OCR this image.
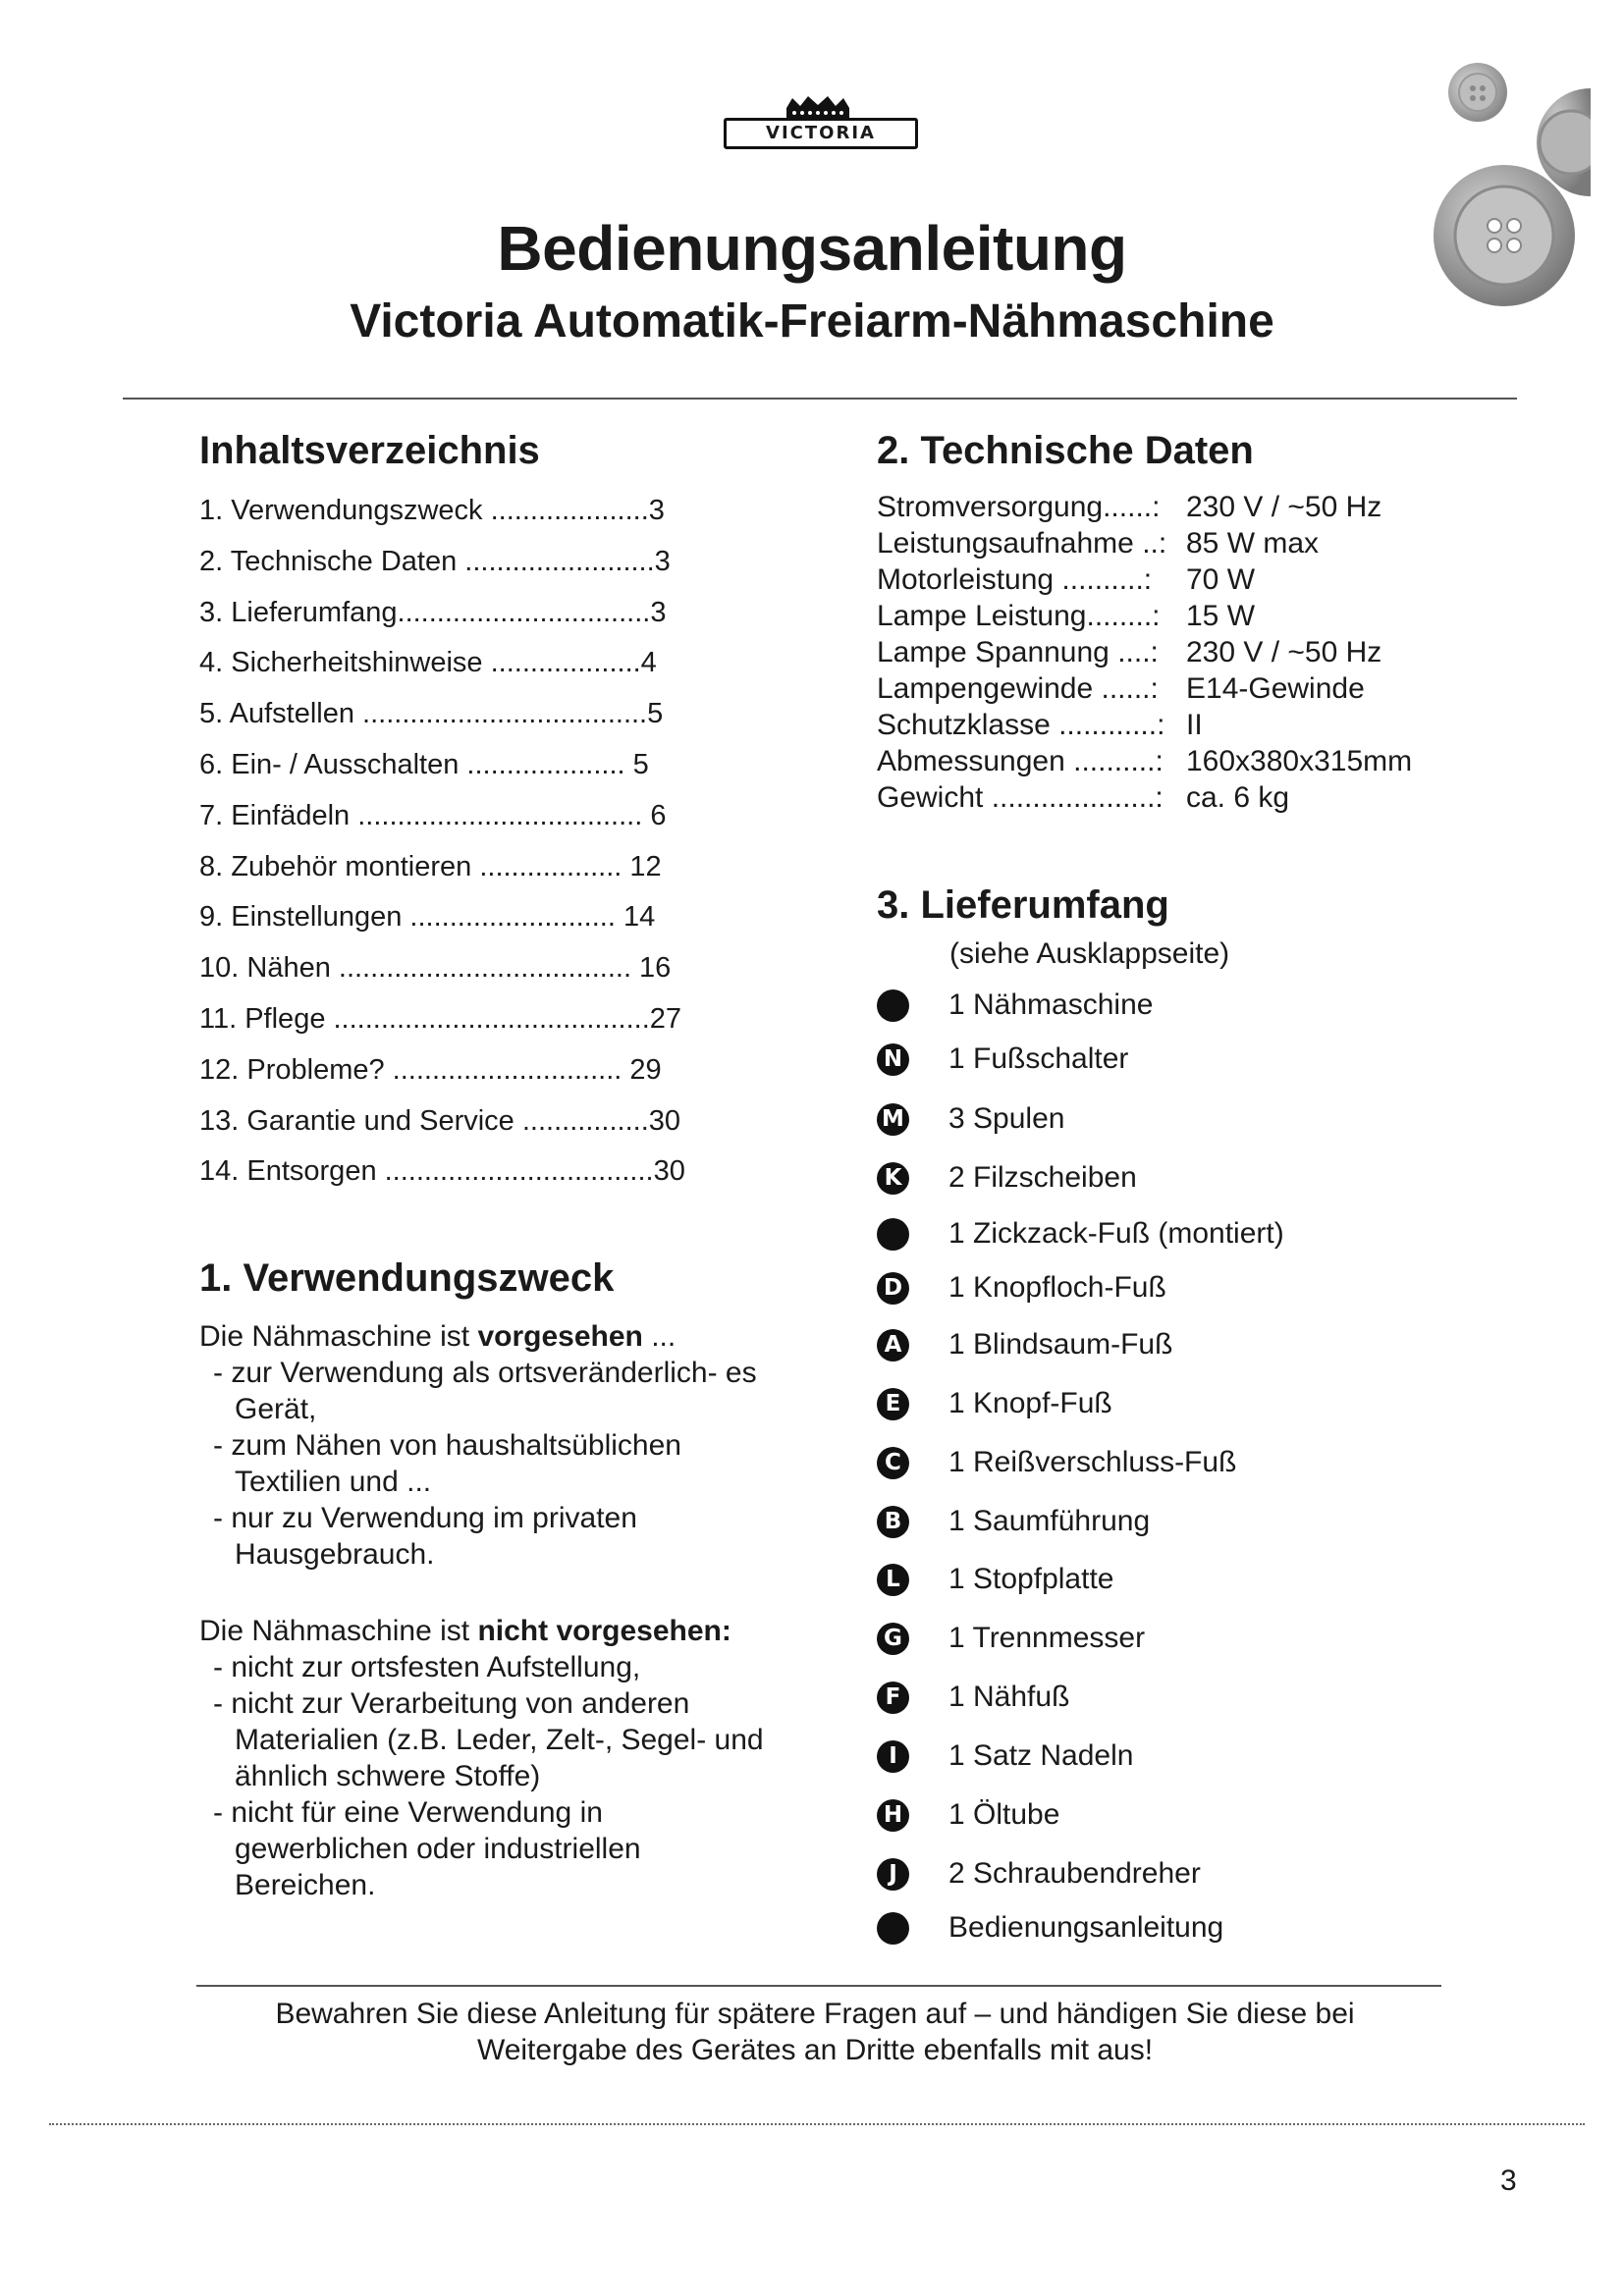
VICTORIA
Bedienungsanleitung
Victoria Automatik-Freiarm-Nähmaschine
Inhaltsverzeichnis
1. Verwendungszweck ....................3
2. Technische Daten ........................3
3. Lieferumfang................................3
4. Sicherheitshinweise ...................4
5. Aufstellen ....................................5
6. Ein- / Ausschalten .................... 5
7. Einfädeln .................................... 6
8. Zubehör montieren .................. 12
9. Einstellungen .......................... 14
10. Nähen ..................................... 16
11. Pflege ........................................27
12. Probleme? ............................. 29
13. Garantie und Service ................30
14. Entsorgen ..................................30
1. Verwendungszweck
Die Nähmaschine ist vorgesehen ...
- zur Verwendung als ortsveränderlich- es Gerät,
- zum Nähen von haushaltsüblichen Textilien und ...
- nur zu Verwendung im privaten Hausgebrauch.
Die Nähmaschine ist nicht vorgesehen:
- nicht zur ortsfesten Aufstellung,
- nicht zur Verarbeitung von anderen Materialien (z.B. Leder, Zelt-, Segel- und ähnlich schwere Stoffe)
- nicht für eine Verwendung in gewerblichen oder industriellen Bereichen.
2. Technische Daten
Stromversorgung......: 230 V / ~50 Hz
Leistungsaufnahme ..: 85 W max
Motorleistung ..........:	70 W
Lampe Leistung........: 15 W
Lampe Spannung ....: 230 V / ~50 Hz
Lampengewinde ......: E14-Gewinde
Schutzklasse ............: II
Abmessungen ..........: 160x380x315mm
Gewicht ....................: ca. 6 kg
3. Lieferumfang
(siehe Ausklappseite)
1 Nähmaschine
N 1 Fußschalter
M 3 Spulen
K 2 Filzscheiben
1 Zickzack-Fuß (montiert)
D 1 Knopfloch-Fuß
A 1 Blindsaum-Fuß
E 1 Knopf-Fuß
C 1 Reißverschluss-Fuß
B 1 Saumführung
L	1 Stopfplatte
G 1 Trennmesser
F 1 Nähfuß
I	1 Satz Nadeln
H 1 Öltube
J	2 Schraubendreher
Bedienungsanleitung
Bewahren Sie diese Anleitung für spätere Fragen auf – und händigen Sie diese bei
Weitergabe des Gerätes an Dritte ebenfalls mit aus!
3
